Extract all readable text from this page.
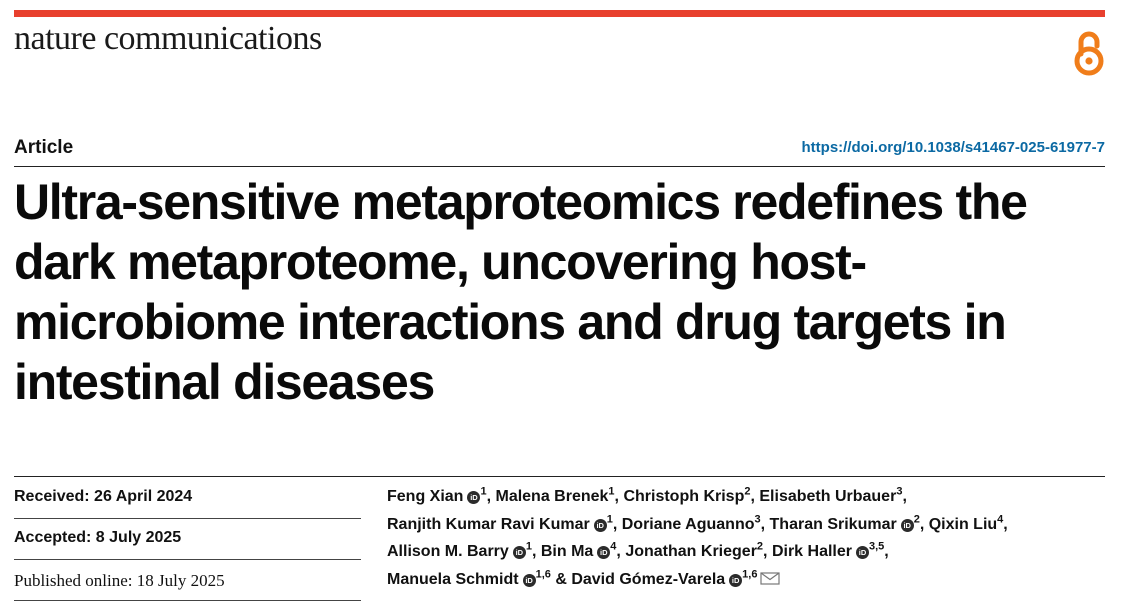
nature communications
Article	https://doi.org/10.1038/s41467-025-61977-7
Ultra-sensitive metaproteomics redefines the dark metaproteome, uncovering host-microbiome interactions and drug targets in intestinal diseases
Received: 26 April 2024
Accepted: 8 July 2025
Published online: 18 July 2025
Feng Xian iD $^1$, Malena Brenek$^1$, Christoph Krisp$^2$, Elisabeth Urbauer$^3$,
Ranjith Kumar Ravi Kumar iD $^1$, Doriane Aguanno$^3$, Tharan Srikumar iD $^2$, Qixin Liu$^4$,
Allison M. Barry iD $^1$, Bin Ma iD $^4$, Jonathan Krieger$^2$, Dirk Haller iD $^{3,5}$,
Manuela Schmidt iD $^{1,6}$ & David Gómez-Varela iD $^{1,6}$
